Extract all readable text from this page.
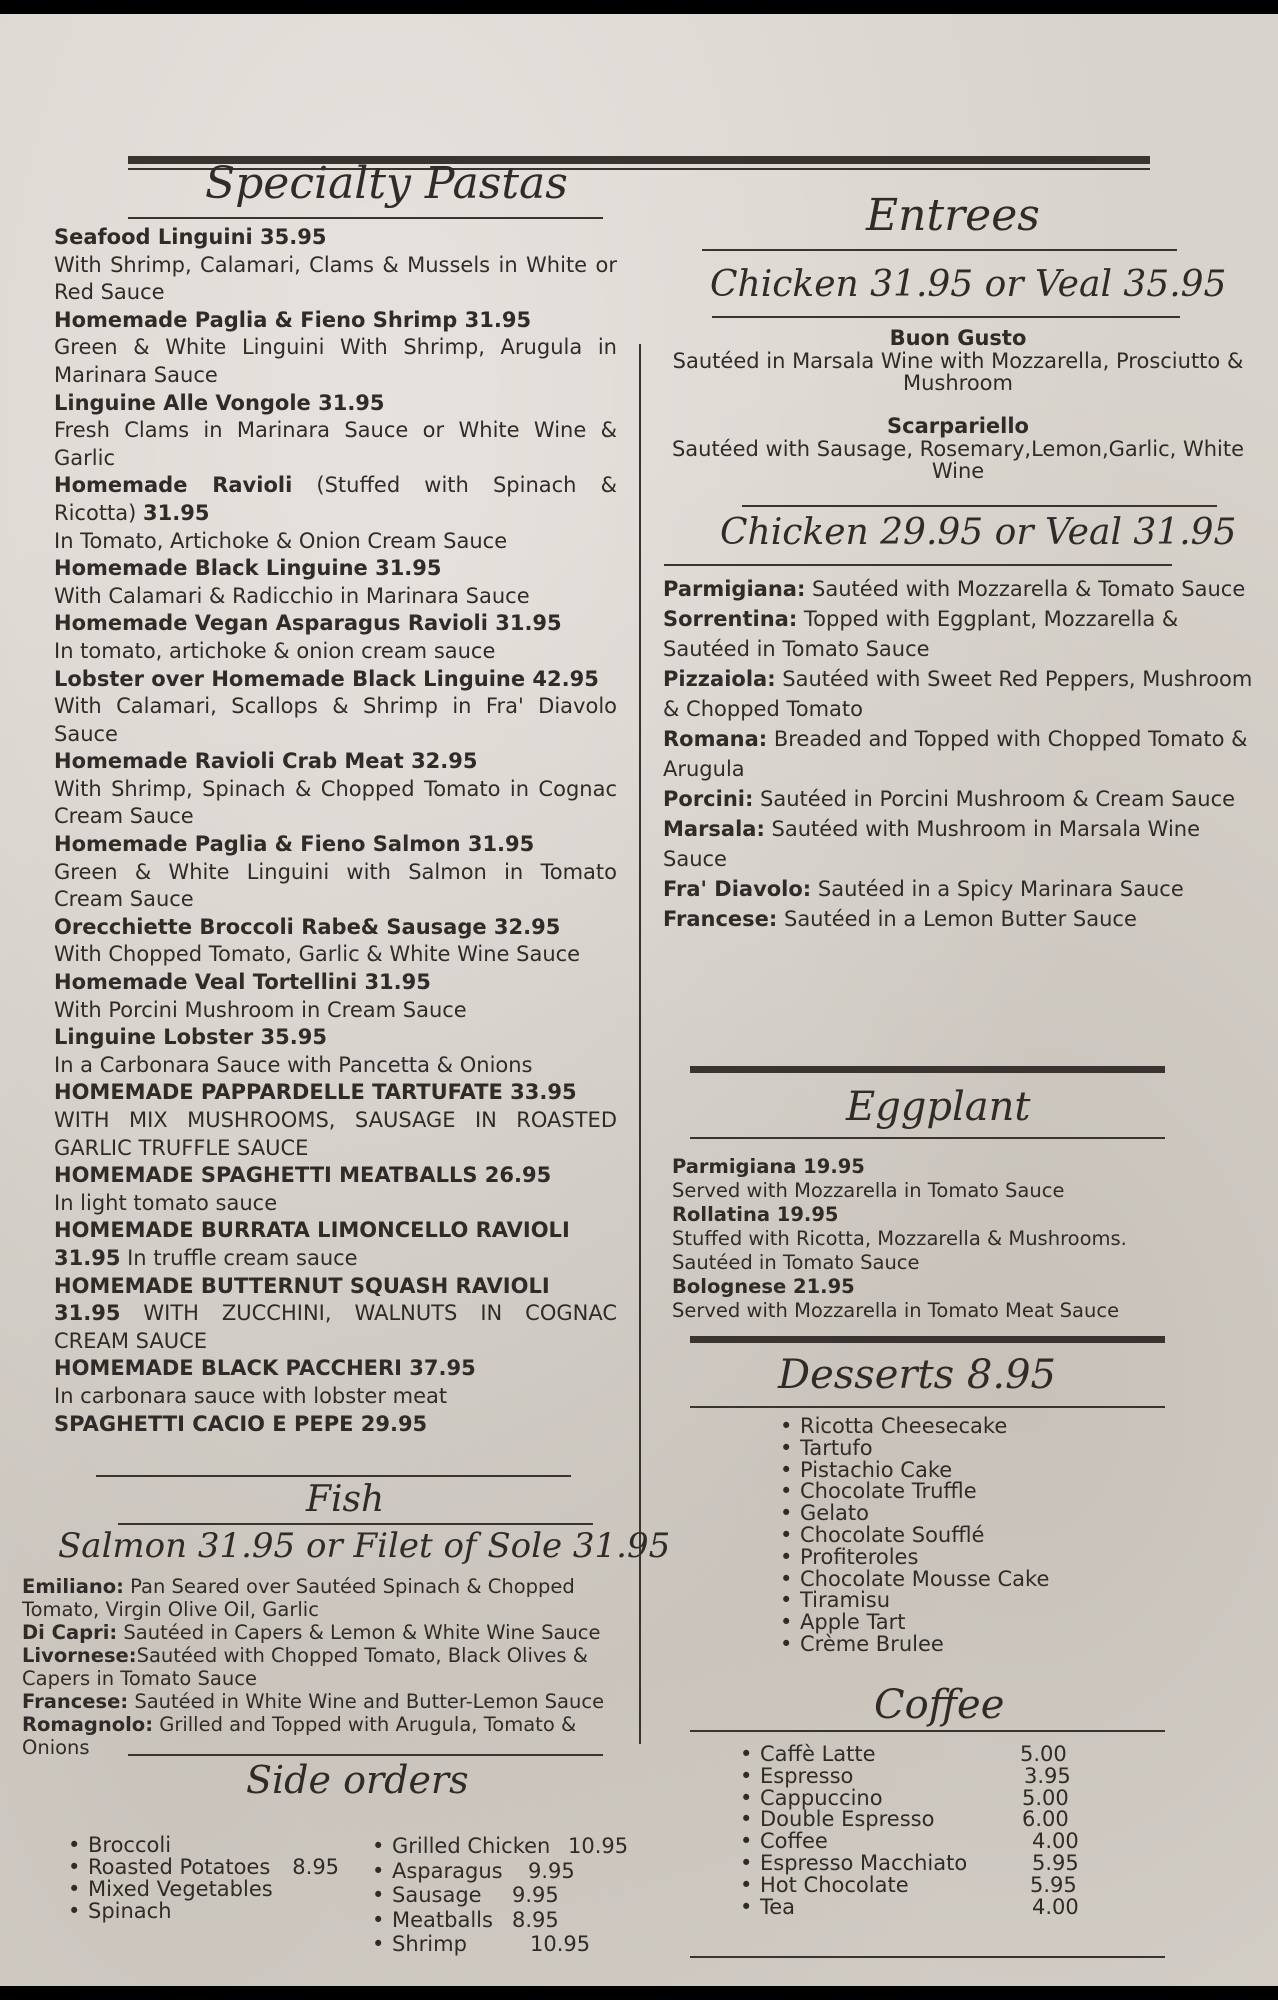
Specialty Pastas

Seafood Linguini 35.95

With Shrimp, Calamari, Clams & Mussels in White or Red Sauce

Homemade Paglia & Fieno Shrimp 31.95

Green & White Linguini With Shrimp, Arugula in Marinara Sauce

Linguine Alle Vongole 31.95

Fresh Clams in Marinara Sauce or White Wine & Garlic

Homemade Ravioli (Stuffed with Spinach & Ricotta) 31.95

In Tomato, Artichoke & Onion Cream Sauce

Homemade Black Linguine 31.95

With Calamari & Radicchio in Marinara Sauce

Homemade Vegan Asparagus Ravioli 31.95

In tomato, artichoke & onion cream sauce

Lobster over Homemade Black Linguine 42.95

With Calamari, Scallops & Shrimp in Fra' Diavolo Sauce

Homemade Ravioli Crab Meat 32.95

With Shrimp, Spinach & Chopped Tomato in Cognac Cream Sauce

Homemade Paglia & Fieno Salmon 31.95

Green & White Linguini with Salmon in Tomato Cream Sauce

Orecchiette Broccoli Rabe& Sausage 32.95

With Chopped Tomato, Garlic & White Wine Sauce

Homemade Veal Tortellini 31.95

With Porcini Mushroom in Cream Sauce

Linguine Lobster 35.95

In a Carbonara Sauce with Pancetta & Onions

HOMEMADE PAPPARDELLE TARTUFATE 33.95

WITH MIX MUSHROOMS, SAUSAGE IN ROASTED GARLIC TRUFFLE SAUCE

HOMEMADE SPAGHETTI MEATBALLS 26.95

In light tomato sauce

HOMEMADE BURRATA LIMONCELLO RAVIOLI

31.95 In truffle cream sauce

HOMEMADE BUTTERNUT SQUASH RAVIOLI

31.95 WITH ZUCCHINI, WALNUTS IN COGNAC CREAM SAUCE

HOMEMADE BLACK PACCHERI 37.95

In carbonara sauce with lobster meat

SPAGHETTI CACIO E PEPE 29.95

Fish
Salmon 31.95 or Filet of Sole 31.95

Emiliano: Pan Seared over Sautéed Spinach & Chopped Tomato, Virgin Olive Oil, Garlic

Di Capri: Sautéed in Capers & Lemon & White Wine Sauce

Livornese:Sautéed with Chopped Tomato, Black Olives & Capers in Tomato Sauce

Francese: Sautéed in White Wine and Butter-Lemon Sauce

Romagnolo: Grilled and Topped with Arugula, Tomato & Onions

Side orders
• Broccoli
• Roasted Potatoes 8.95
• Mixed Vegetables
• Spinach
• Grilled Chicken 10.95
• Asparagus 9.95
• Sausage 9.95
• Meatballs 8.95
• Shrimp	10.95
Entrees
Chicken 31.95 or Veal 35.95

Buon Gusto

Sautéed in Marsala Wine with Mozzarella, Prosciutto & Mushroom

Scarpariello

Sautéed with Sausage, Rosemary,Lemon,Garlic, White Wine

Chicken 29.95 or Veal 31.95

Parmigiana: Sautéed with Mozzarella & Tomato Sauce

Sorrentina: Topped with Eggplant, Mozzarella & Sautéed in Tomato Sauce

Pizzaiola: Sautéed with Sweet Red Peppers, Mushroom & Chopped Tomato

Romana: Breaded and Topped with Chopped Tomato & Arugula

Porcini: Sautéed in Porcini Mushroom & Cream Sauce

Marsala: Sautéed with Mushroom in Marsala Wine Sauce

Fra' Diavolo: Sautéed in a Spicy Marinara Sauce

Francese: Sautéed in a Lemon Butter Sauce

Eggplant

Parmigiana 19.95

Served with Mozzarella in Tomato Sauce

Rollatina 19.95

Stuffed with Ricotta, Mozzarella & Mushrooms. Sautéed in Tomato Sauce

Bolognese 21.95

Served with Mozzarella in Tomato Meat Sauce

Desserts 8.95
• Ricotta Cheesecake
• Tartufo
• Pistachio Cake
• Chocolate Truffle
• Gelato
• Chocolate Soufflé
• Profiteroles
• Chocolate Mousse Cake
• Tiramisu
• Apple Tart
• Crème Brulee
Coffee
• Caffè Latte	5.00
• Espresso	3.95
• Cappuccino	5.00
• Double Espresso	6.00
• Coffee	4.00
• Espresso Macchiato	5.95
• Hot Chocolate	5.95
• Tea	4.00
